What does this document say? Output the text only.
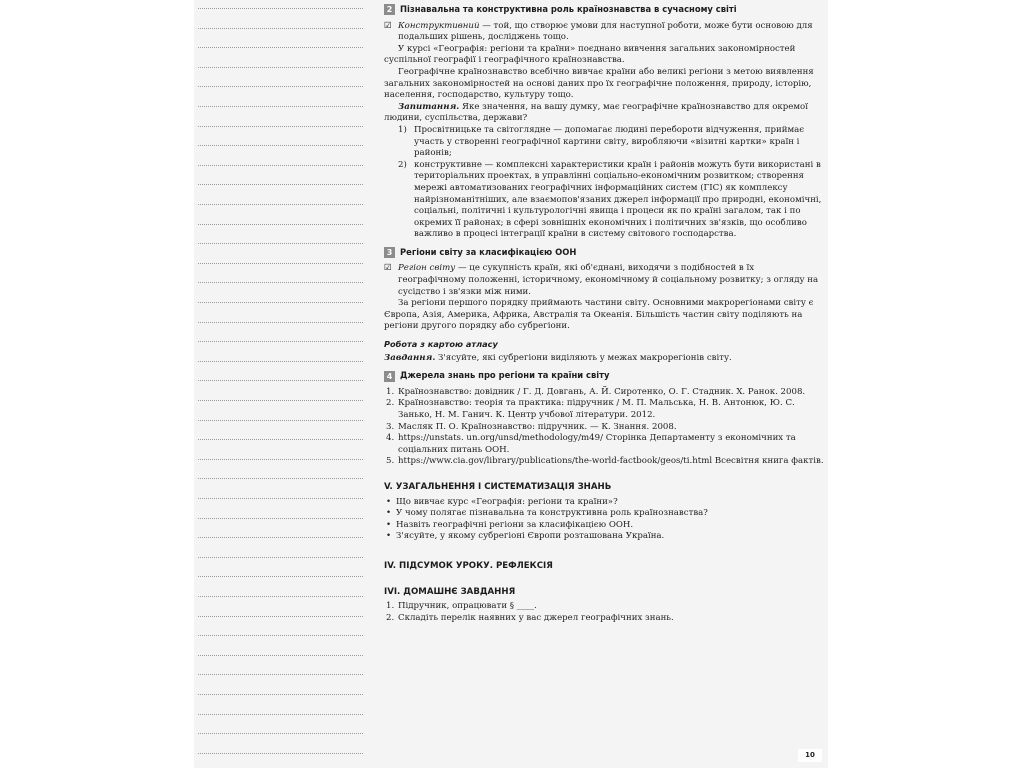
2 Пізнавальна та конструктивна роль країнознавства в сучасному світі

☑ Конструктивний — той, що створює умови для наступної роботи, може бути основою для подальших рішень, досліджень тощо.

У курсі «Географія: регіони та країни» поєднано вивчення загальних закономірностей суспільної географії і географічного країнознавства.

Географічне країнознавство всебічно вивчає країни або великі регіони з метою виявлення загальних закономірностей на основі даних про їх географічне положення, природу, історію, населення, господарство, культуру тощо.

Запитання. Яке значення, на вашу думку, має географічне країнознавство для окремої людини, суспільства, держави?

1) Просвітницьке та світоглядне — допомагає людині перебороти відчуження, приймає участь у створенні географічної картини світу, виробляючи «візитні картки» країн і районів;
2) конструктивне — комплексні характеристики країн і районів можуть бути використані в територіальних проектах, в управлінні соціально-економічним розвитком; створення мережі автоматизованих географічних інформаційних систем (ГІС) як комплексу найрізноманітніших, але взаємопов'язаних джерел інформації про природні, економічні, соціальні, політичні і культурологічні явища і процеси як по країні загалом, так і по окремих її районах; в сфері зовнішніх економічних і політичних зв'язків, що особливо важливо в процесі інтеграції країни в систему світового господарства.
3 Регіони світу за класифікацією ООН

☑ Регіон світу — це сукупність країн, які об'єднані, виходячи з подібностей в їх географічному положенні, історичному, економічному й соціальному розвитку; з огляду на сусідство і зв'язки між ними.

За регіони першого порядку приймають частини світу. Основними макрорегіонами світу є Європа, Азія, Америка, Африка, Австралія та Океанія. Більшість частин світу поділяють на регіони другого порядку або субрегіони.

Робота з картою атласу

Завдання. З'ясуйте, які субрегіони виділяють у межах макрорегіонів світу.

4 Джерела знань про регіони та країни світу
1. Країнознавство: довідник / Г. Д. Довгань, А. Й. Сиротенко, О. Г. Стадник. Х. Ранок. 2008.
2. Країнознавство: теорія та практика: підручник / М. П. Мальська, Н. В. Антонюк, Ю. С. Занько, Н. М. Ганич. К. Центр учбової літератури. 2012.
3. Масляк П. О. Країнознавство: підручник. — К. Знання. 2008.
4. https://unstats. un.org/unsd/methodology/m49/ Сторінка Департаменту з економічних та соціальних питань ООН.
5. https://www.cia.gov/library/publications/the-world-factbook/geos/ti.html Всесвітня книга фактів.
V. УЗАГАЛЬНЕННЯ І СИСТЕМАТИЗАЦІЯ ЗНАНЬ
• Що вивчає курс «Географія: регіони та країни»?
• У чому полягає пізнавальна та конструктивна роль країнознавства?
• Назвіть географічні регіони за класифікацією ООН.
• З'ясуйте, у якому субрегіоні Європи розташована Україна.
IV. ПІДСУМОК УРОКУ. РЕФЛЕКСІЯ
IVI. ДОМАШНЄ ЗАВДАННЯ
1. Підручник, опрацювати § ____.
2. Складіть перелік наявних у вас джерел географічних знань.
10
